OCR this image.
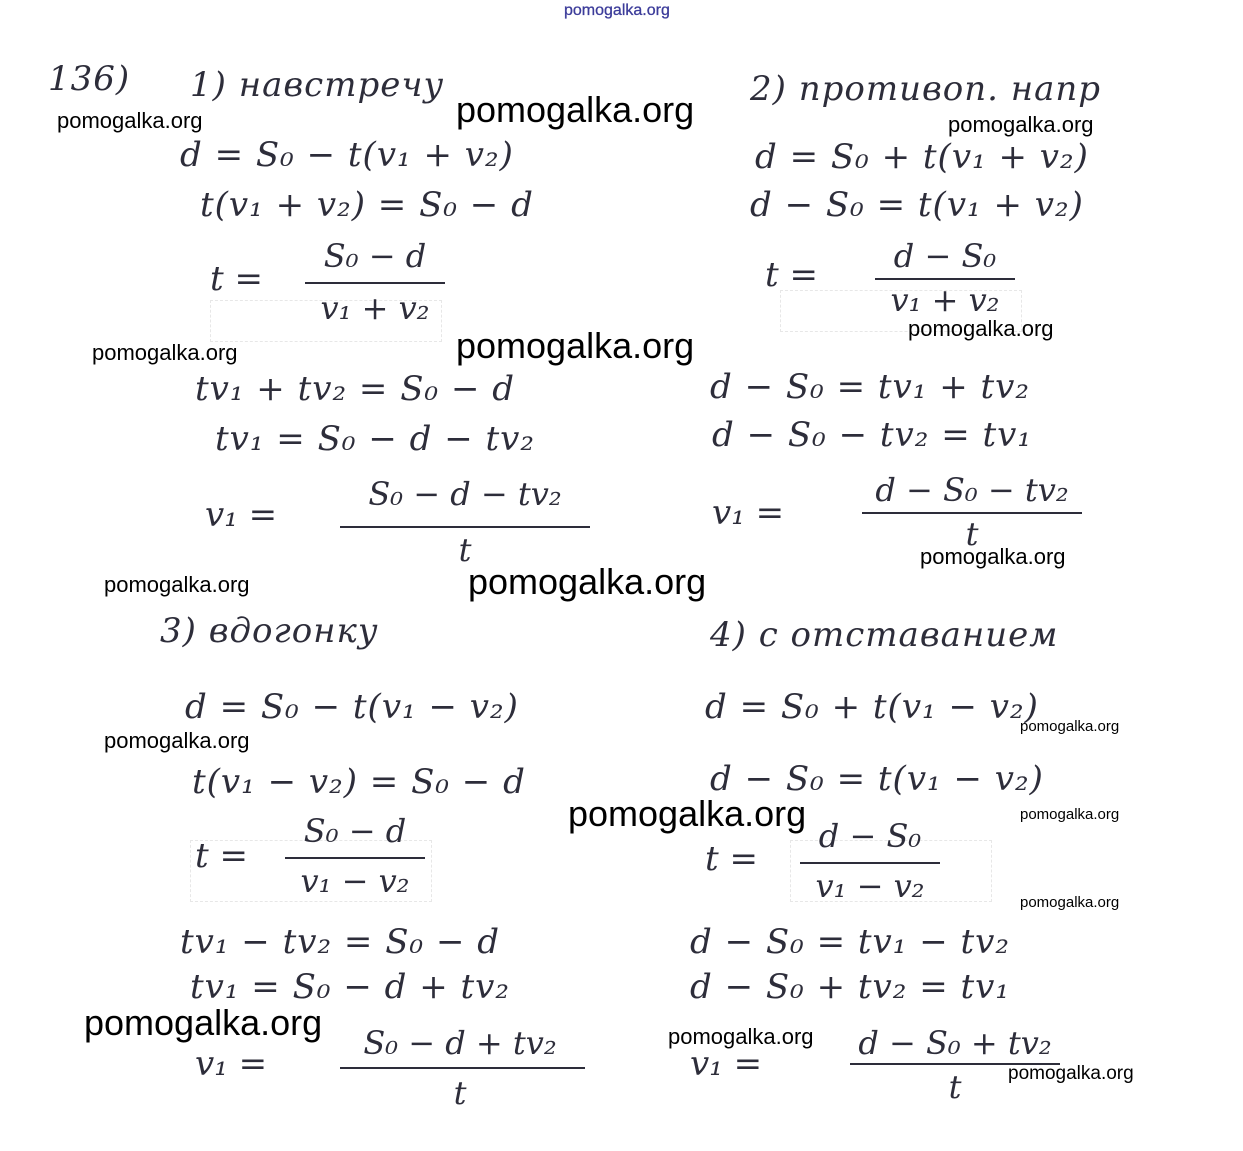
136) 1) навстречу
d = S₀ − t(v₁ + v₂)
t(v₁ + v₂) = S₀ − d
t =
S₀ − d
v₁ + v₂
tv₁ + tv₂ = S₀ − d
tv₁ = S₀ − d − tv₂
v₁ =
S₀ − d − tv₂
t
2) противоп. напр
d = S₀ + t(v₁ + v₂)
d − S₀ = t(v₁ + v₂)
t =	d − S₀
v₁ + v₂
d − S₀ = tv₁ + tv₂
d − S₀ − tv₂ = tv₁
v₁ =
d − S₀ − tv₂
t
3) вдогонку
d = S₀ − t(v₁ − v₂)
t(v₁ − v₂) = S₀ − d
t =
S₀ − d
v₁ − v₂
tv₁ − tv₂ = S₀ − d
tv₁ = S₀ − d + tv₂
v₁ =
S₀ − d + tv₂
t
4) с отставанием
d = S₀ + t(v₁ − v₂)
d − S₀ = t(v₁ − v₂)
t =
d − S₀
v₁ − v₂
d − S₀ = tv₁ − tv₂
d − S₀ + tv₂ = tv₁
v₁ =
d − S₀ + tv₂
t
pomogalka.org
pomogalka.org	pomogalka.org	pomogalka.org
pomogalka.org
pomogalka.org	pomogalka.org
pomogalka.org
pomogalka.org	pomogalka.org
pomogalka.org
pomogalka.org
pomogalka.org	pomogalka.org
pomogalka.org
pomogalka.org	pomogalka.org
pomogalka.org
